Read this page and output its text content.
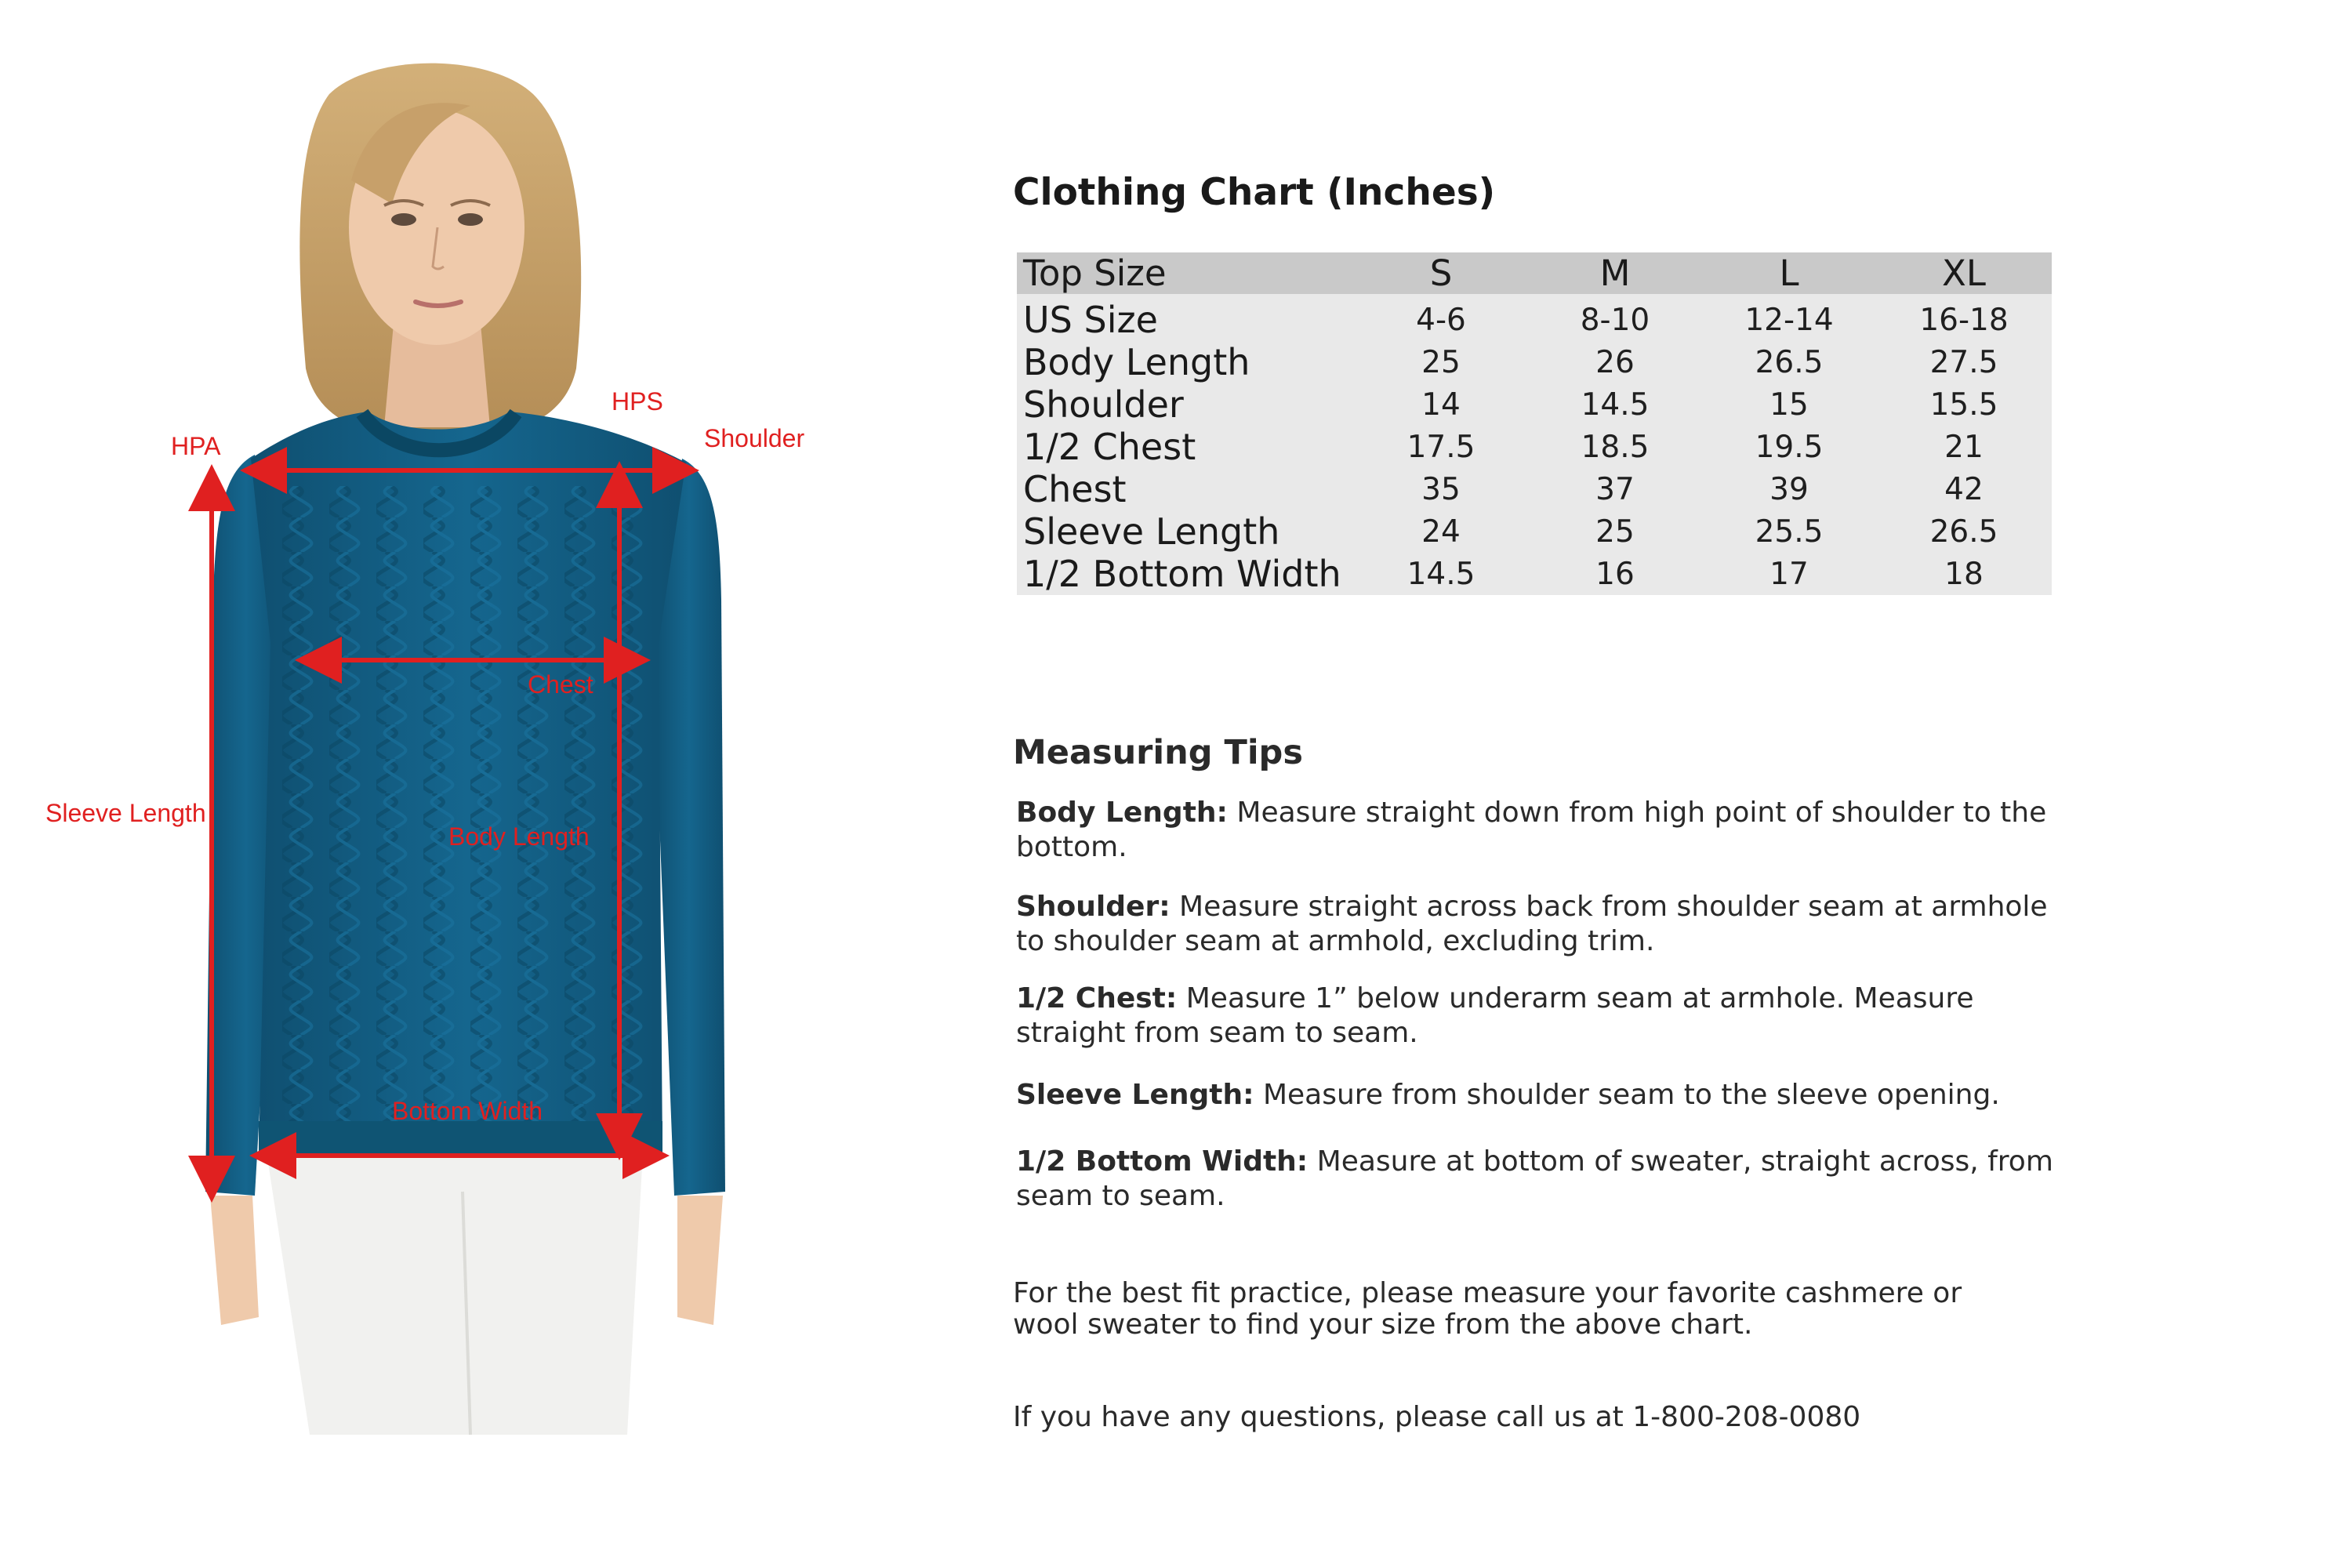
HPA
HPS
Shoulder
Chest
Sleeve Length
Body Length
Bottom Width
Clothing Chart (Inches)
Top Size	S	M	L	XL
US Size	4-6	8-10	12-14	16-18
Body Length	25	26	26.5	27.5
Shoulder	14	14.5	15	15.5
1/2 Chest	17.5	18.5	19.5	21
Chest	35	37	39	42
Sleeve Length	24	25	25.5	26.5
1/2 Bottom Width	14.5	16	17	18
Measuring Tips

Body Length: Measure straight down from high point of shoulder to the bottom.

Shoulder: Measure straight across back from shoulder seam at armhole to shoulder seam at armhold, excluding trim.

1/2 Chest: Measure 1” below underarm seam at armhole. Measure straight from seam to seam.

Sleeve Length: Measure from shoulder seam to the sleeve opening.

1/2 Bottom Width: Measure at bottom of sweater, straight across, from seam to seam.

For the best fit practice, please measure your favorite cashmere or wool sweater to find your size from the above chart.

If you have any questions, please call us at 1-800-208-0080
